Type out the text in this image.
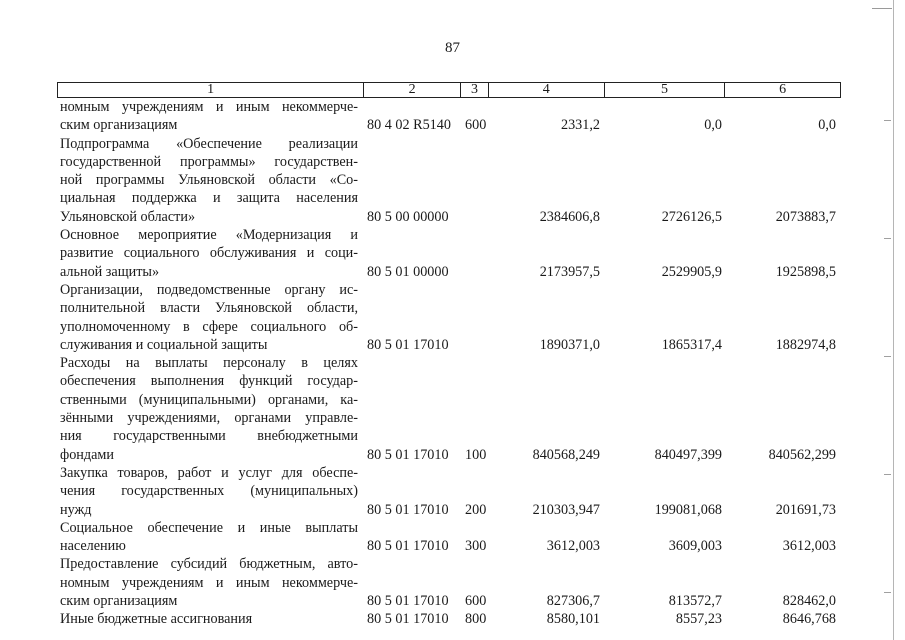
87
1	2	3	4	5	6
номным учреждениям и иным некоммерче-
ским организациям	80 4 02 R5140 600	2331,2	0,0	0,0
Подпрограмма «Обеспечение реализации
государственной программы» государствен-
ной программы Ульяновской области «Со-
циальная поддержка и защита населения
Ульяновской области»	80 5 00 00000	2384606,8	2726126,5	2073883,7
Основное мероприятие «Модернизация и
развитие социального обслуживания и соци-
альной защиты»	80 5 01 00000	2173957,5	2529905,9	1925898,5
Организации, подведомственные органу ис-
полнительной власти Ульяновской области,
уполномоченному в сфере социального об-
служивания и социальной защиты	80 5 01 17010	1890371,0	1865317,4	1882974,8
Расходы на выплаты персоналу в целях
обеспечения выполнения функций государ-
ственными (муниципальными) органами, ка-
зёнными учреждениями, органами управле-
ния государственными внебюджетными
фондами	80 5 01 17010 100	840568,249	840497,399	840562,299
Закупка товаров, работ и услуг для обеспе-
чения государственных (муниципальных)
нужд	80 5 01 17010 200	210303,947	199081,068	201691,73
Социальное обеспечение и иные выплаты
населению	80 5 01 17010 300	3612,003	3609,003	3612,003
Предоставление субсидий бюджетным, авто-
номным учреждениям и иным некоммерче-
ским организациям	80 5 01 17010 600	827306,7	813572,7	828462,0
Иные бюджетные ассигнования	80 5 01 17010 800	8580,101	8557,23	8646,768
